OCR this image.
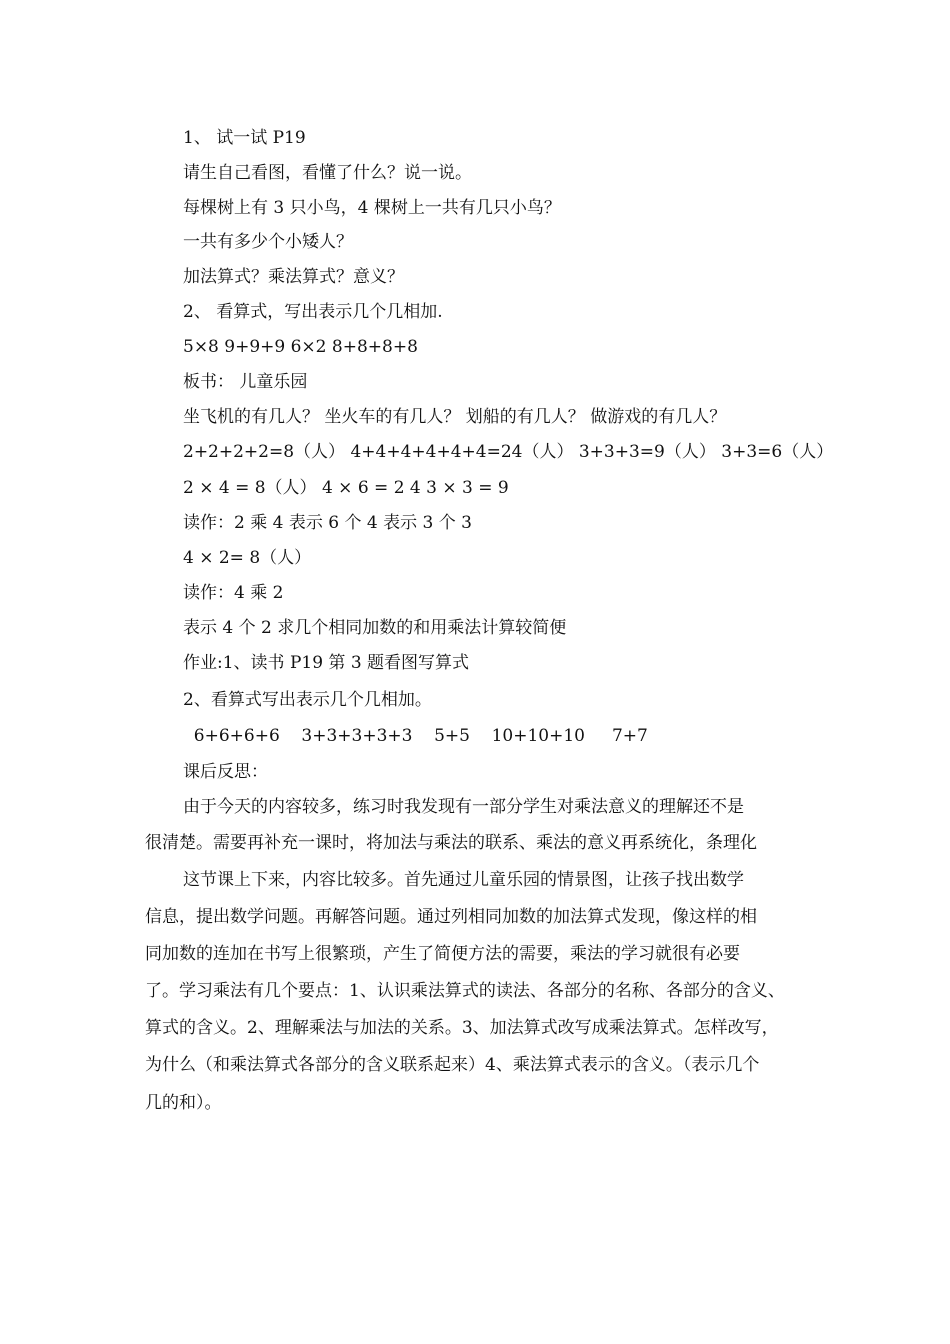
1、 试一试 P19
请生自己看图，看懂了什么？说一说。
每棵树上有 3 只小鸟，4 棵树上一共有几只小鸟？
一共有多少个小矮人？
加法算式？乘法算式？意义？
2、 看算式，写出表示几个几相加.
5×8 9+9+9 6×2 8+8+8+8
板书： 儿童乐园
坐飞机的有几人？ 坐火车的有几人？ 划船的有几人？ 做游戏的有几人？
2+2+2+2=8（人） 4+4+4+4+4+4=24（人） 3+3+3=9（人） 3+3=6（人）
2 × 4 = 8（人） 4 × 6 = 2 4 3 × 3 = 9
读作：2 乘 4 表示 6 个 4 表示 3 个 3
4 × 2= 8（人）
读作：4 乘 2
表示 4 个 2 求几个相同加数的和用乘法计算较简便
作业:1、读书 P19 第 3 题看图写算式
2、看算式写出表示几个几相加。
6+6+6+6    3+3+3+3+3    5+5    10+10+10     7+7
课后反思：
由于今天的内容较多，练习时我发现有一部分学生对乘法意义的理解还不是
很清楚。需要再补充一课时，将加法与乘法的联系、乘法的意义再系统化，条理化
这节课上下来，内容比较多。首先通过儿童乐园的情景图，让孩子找出数学
信息，提出数学问题。再解答问题。通过列相同加数的加法算式发现，像这样的相
同加数的连加在书写上很繁琐，产生了简便方法的需要，乘法的学习就很有必要
了。学习乘法有几个要点：1、认识乘法算式的读法、各部分的名称、各部分的含义、
算式的含义。2、理解乘法与加法的关系。3、加法算式改写成乘法算式。怎样改写，
为什么（和乘法算式各部分的含义联系起来）4、乘法算式表示的含义。（表示几个
几的和）。
